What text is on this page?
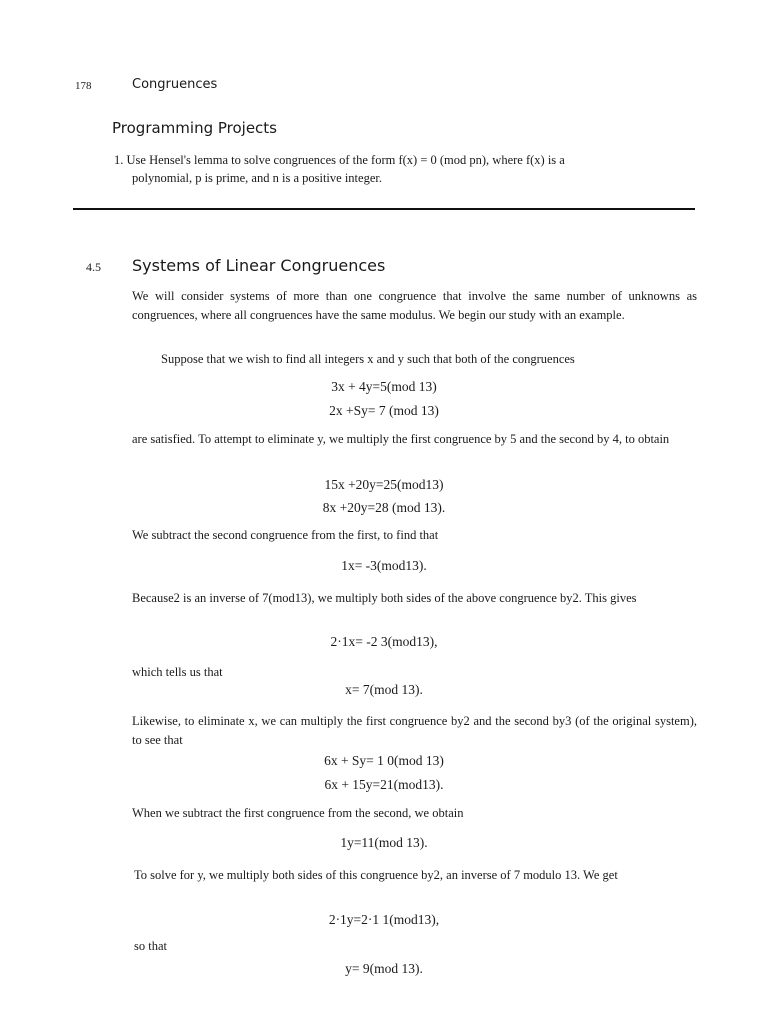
178	Congruences
Programming Projects

1. Use Hensel's lemma to solve congruences of the form f(x) = 0 (mod pn), where f(x) is a

polynomial, p is prime, and n is a positive integer.

4.5 Systems of Linear Congruences

We will consider systems of more than one congruence that involve the same number of unknowns as congruences, where all congruences have the same modulus. We begin our study with an example.

Suppose that we wish to find all integers x and y such that both of the congruences

3x + 4y=5(mod 13)
2x +Sy= 7 (mod 13)

are satisfied. To attempt to eliminate y, we multiply the first congruence by 5 and the second by 4, to obtain

15x +20y=25(mod13)
8x +20y=28 (mod 13).

We subtract the second congruence from the first, to find that

1x= -3(mod13).

Because2 is an inverse of 7(mod13), we multiply both sides of the above congruence by2. This gives

2·1x= -2 3(mod13),

which tells us that

x= 7(mod 13).

Likewise, to eliminate x, we can multiply the first congruence by2 and the second by3 (of the original system), to see that

6x + Sy= 1 0(mod 13)
6x + 15y=21(mod13).

When we subtract the first congruence from the second, we obtain

1y=11(mod 13).

To solve for y, we multiply both sides of this congruence by2, an inverse of 7 modulo 13. We get

2·1y=2·1 1(mod13),

so that

y= 9(mod 13).
